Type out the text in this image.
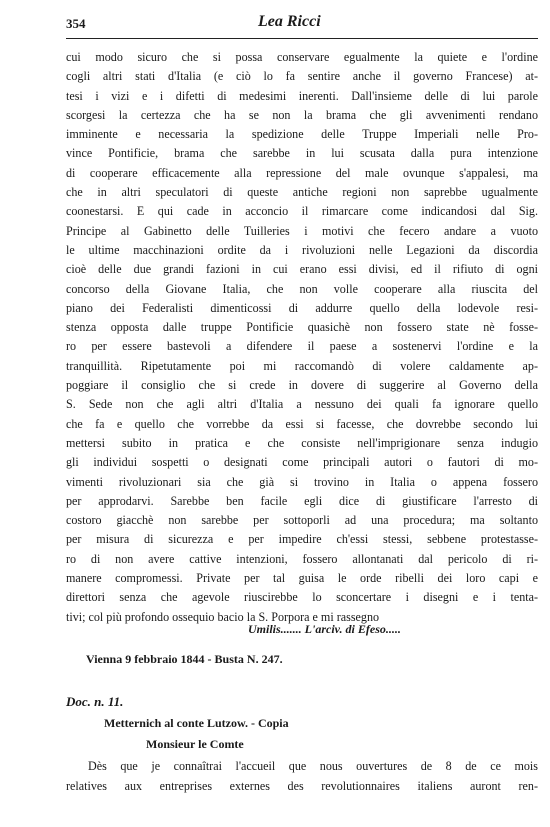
354	Lea Ricci
cui modo sicuro che si possa conservare egualmente la quiete e l'ordine
cogli altri stati d'Italia (e ciò lo fa sentire anche il governo Francese) at-
tesi i vizi e i difetti di medesimi inerenti. Dall'insieme delle di lui parole
scorgesi la certezza che ha se non la brama che gli avvenimenti rendano
imminente e necessaria la spedizione delle Truppe Imperiali nelle Pro-
vince Pontificie, brama che sarebbe in lui scusata dalla pura intenzione
di cooperare efficacemente alla repressione del male ovunque s'appalesi, ma
che in altri speculatori di queste antiche regioni non saprebbe ugualmente
coonestarsi. E qui cade in acconcio il rimarcare come indicandosi dal Sig.
Principe al Gabinetto delle Tuilleries i motivi che fecero andare a vuoto
le ultime macchinazioni ordite da i rivoluzioni nelle Legazioni da discordia
cioè delle due grandi fazioni in cui erano essi divisi, ed il rifiuto di ogni
concorso della Giovane Italia, che non volle cooperare alla riuscita del
piano dei Federalisti dimenticossi di addurre quello della lodevole resi-
stenza opposta dalle truppe Pontificie quasichè non fossero state nè fosse-
ro per essere bastevoli a difendere il paese a sostenervi l'ordine e la
tranquillità. Ripetutamente poi mi raccomandò di volere caldamente ap-
poggiare il consiglio che si crede in dovere di suggerire al Governo della
S. Sede non che agli altri d'Italia a nessuno dei quali fa ignorare quello
che fa e quello che vorrebbe da essi si facesse, che dovrebbe secondo lui
mettersi subito in pratica e che consiste nell'imprigionare senza indugio
gli individui sospetti o designati come principali autori o fautori di mo-
vimenti rivoluzionari sia che già si trovino in Italia o appena fossero
per approdarvi. Sarebbe ben facile egli dice di giustificare l'arresto di
costoro giacchè non sarebbe per sottoporli ad una procedura; ma soltanto
per misura di sicurezza e per impedire ch'essi stessi, sebbene protestasse-
ro di non avere cattive intenzioni, fossero allontanati dal pericolo di ri-
manere compromessi. Private per tal guisa le orde ribelli dei loro capi e
direttori senza che agevole riuscirebbe lo sconcertare i disegni e i tenta-
tivi; col più profondo ossequio bacio la S. Porpora e mi rassegno
Umilis....... L'arciv. di Efeso.....
Vienna 9 febbraio 1844 - Busta N. 247.
Doc. n. 11.
Metternich al conte Lutzow. - Copia
Monsieur le Comte
Dès que je connaîtrai l'accueil que nous ouvertures de 8 de ce mois
relatives aux entreprises externes des revolutionnaires italiens auront ren-
